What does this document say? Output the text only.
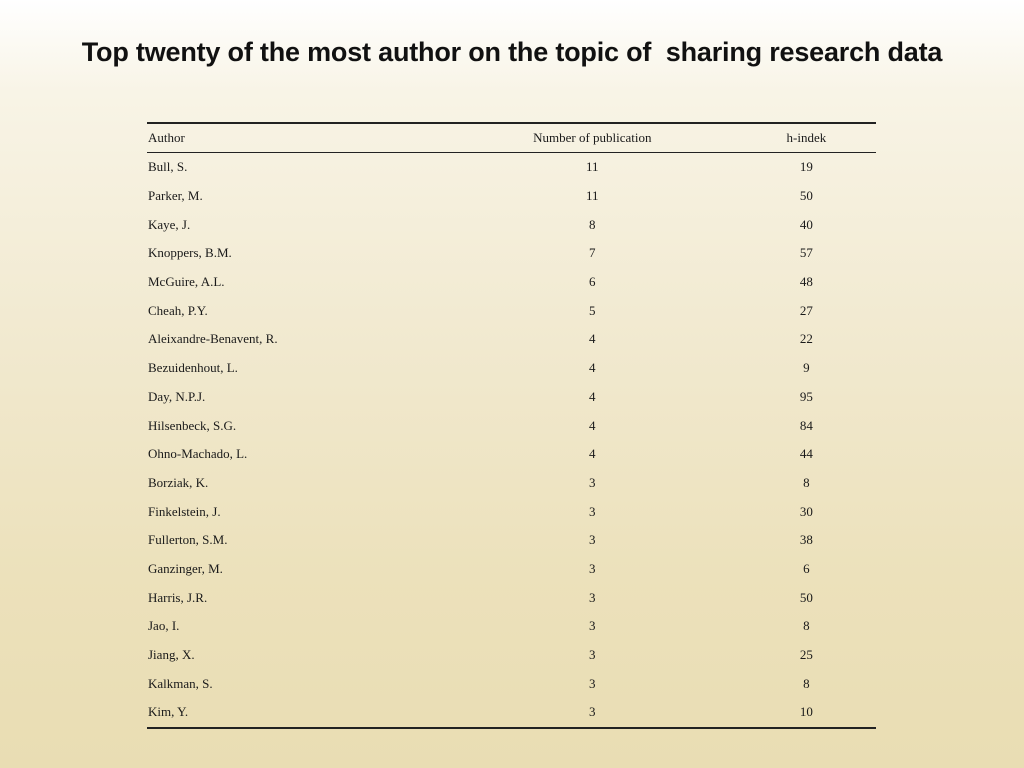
Top twenty of the most author on the topic of  sharing research data
Author	Number of publication	h-indek
Bull, S.	11	19
Parker, M.	11	50
Kaye, J.	8	40
Knoppers, B.M.	7	57
McGuire, A.L.	6	48
Cheah, P.Y.	5	27
Aleixandre-Benavent, R.	4	22
Bezuidenhout, L.	4	9
Day, N.P.J.	4	95
Hilsenbeck, S.G.	4	84
Ohno-Machado, L.	4	44
Borziak, K.	3	8
Finkelstein, J.	3	30
Fullerton, S.M.	3	38
Ganzinger, M.	3	6
Harris, J.R.	3	50
Jao, I.	3	8
Jiang, X.	3	25
Kalkman, S.	3	8
Kim, Y.	3	10
